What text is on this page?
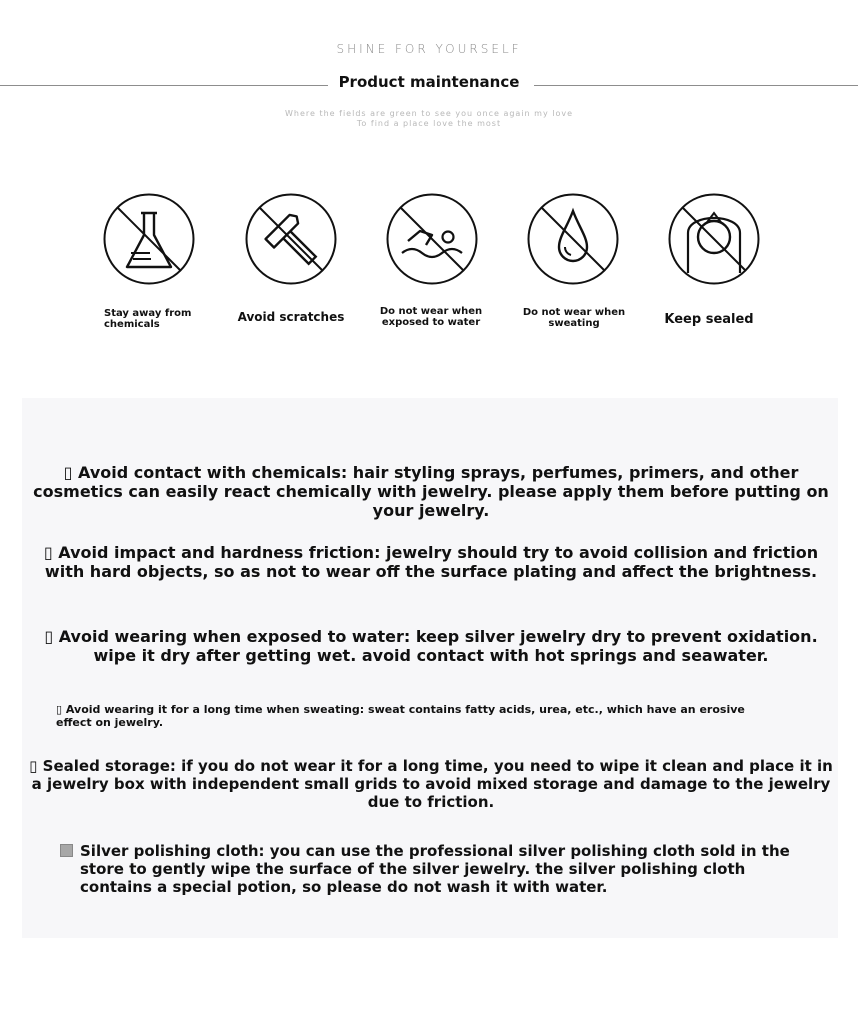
SHINE FOR YOURSELF
Product maintenance
Where the fields are green to see you once again my love
To find a place love the most
Stay away from chemicals
Avoid scratches	Do not wear when exposed to water
Do not wear when sweating	Keep sealed
▯ Avoid contact with chemicals: hair styling sprays, perfumes, primers, and other cosmetics can easily react chemically with jewelry. please apply them before putting on your jewelry.
▯ Avoid impact and hardness friction: jewelry should try to avoid collision and friction with hard objects, so as not to wear off the surface plating and affect the brightness.
▯ Avoid wearing when exposed to water: keep silver jewelry dry to prevent oxidation. wipe it dry after getting wet. avoid contact with hot springs and seawater.
▯ Avoid wearing it for a long time when sweating: sweat contains fatty acids, urea, etc., which have an erosive effect on jewelry.
▯ Sealed storage: if you do not wear it for a long time, you need to wipe it clean and place it in a jewelry box with independent small grids to avoid mixed storage and damage to the jewelry due to friction.
Silver polishing cloth: you can use the professional silver polishing cloth sold in the store to gently wipe the surface of the silver jewelry. the silver polishing cloth contains a special potion, so please do not wash it with water.
